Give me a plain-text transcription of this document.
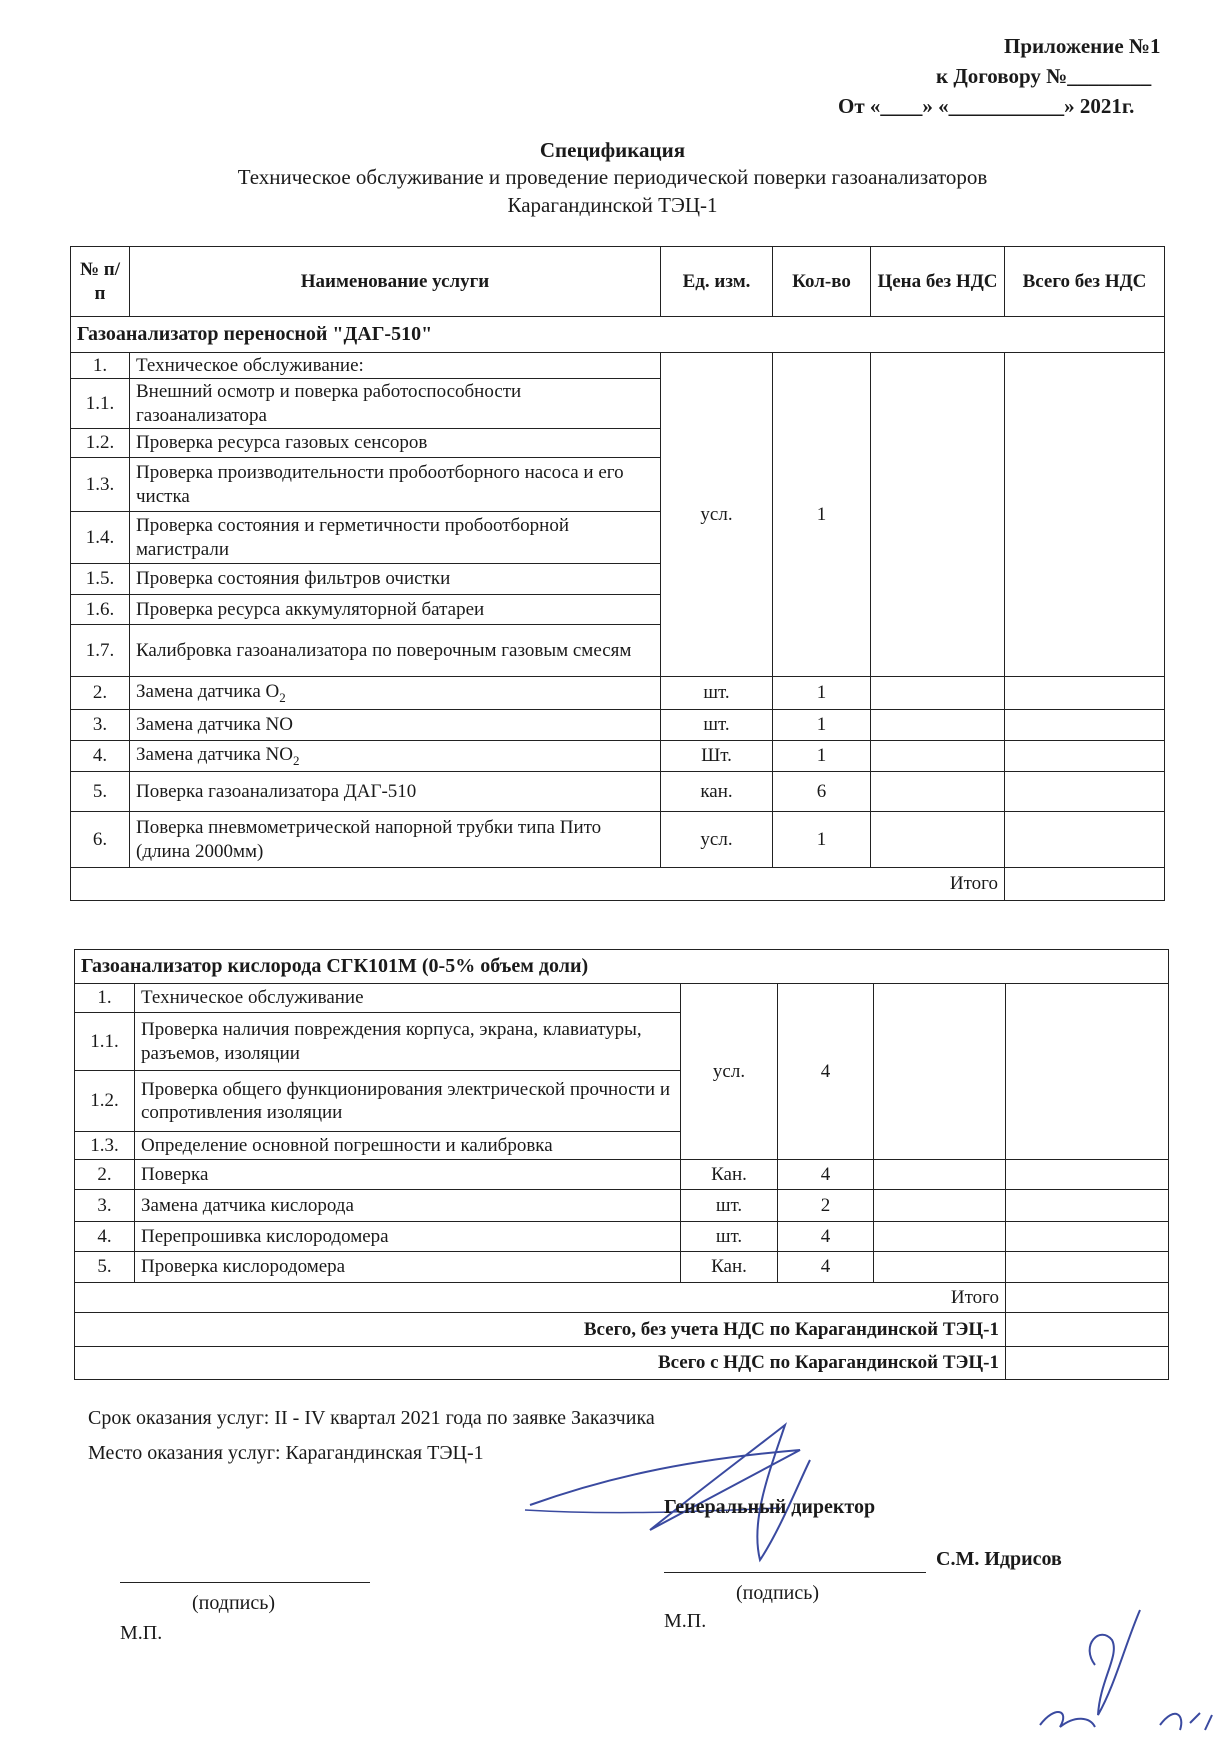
Приложение №1
к Договору №________
От «____» «___________» 2021г.
Спецификация
Техническое обслуживание и проведение периодической поверки газоанализаторов
Карагандинской ТЭЦ-1
№ п/п	Наименование услуги	Ед. изм.	Кол-во	Цена без НДС	Всего без НДС
Газоанализатор переносной "ДАГ-510"					
1.	Техническое обслуживание:	усл.	1		
1.1.	Внешний осмотр и поверка работоспособности газоанализатора				
1.2.	Проверка ресурса газовых сенсоров				
1.3.	Проверка производительности пробоотборного насоса и его чистка				
1.4.	Проверка состояния и герметичности пробоотборной магистрали				
1.5.	Проверка состояния фильтров очистки				
1.6.	Проверка ресурса аккумуляторной батареи				
1.7.	Калибровка газоанализатора по поверочным газовым смесям				
2.	Замена датчика $O_2$	шт.	1		
3.	Замена датчика NO	шт.	1		
4.	Замена датчика $NO_2$	Шт.	1		
5.	Поверка газоанализатора ДАГ-510	кан.	6		
6.	Поверка пневмометрической напорной трубки типа Пито (длина 2000мм)	усл.	1		
Итого					
Газоанализатор кислорода СГК101М (0-5% объем доли)					
1.	Техническое обслуживание	усл.	4		
1.1.	Проверка наличия повреждения корпуса, экрана, клавиатуры, разъемов, изоляции				
1.2.	Проверка общего функционирования электрической прочности и сопротивления изоляции				
1.3.	Определение основной погрешности и калибровка				
2.	Поверка	Кан.	4		
3.	Замена датчика кислорода	шт.	2		
4.	Перепрошивка кислородомера	шт.	4		
5.	Проверка кислородомера	Кан.	4		
Итого					
Всего, без учета НДС по Карагандинской ТЭЦ-1					
Всего с НДС по Карагандинской ТЭЦ-1					
Срок оказания услуг: II - IV квартал 2021 года по заявке Заказчика
Место оказания услуг: Карагандинская ТЭЦ-1
Генеральный директор
С.М. Идрисов
(подпись)	(подпись)
М.П.
М.П.
